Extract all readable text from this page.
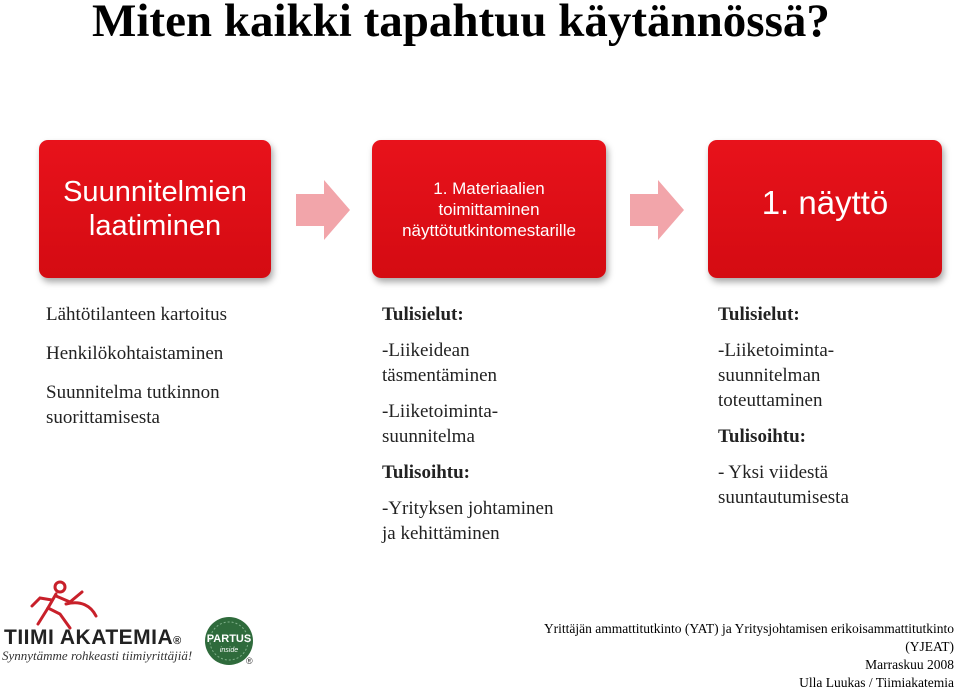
Miten kaikki tapahtuu käytännössä?
Suunnitelmien
laatiminen
1. Materiaalien
toimittaminen
näyttötutkintomestarille
1. näyttö

Lähtötilanteen kartoitus

Henkilökohtaistaminen

Suunnitelma tutkinnon
suorittamisesta

Tulisielut:

-Liikeidean
täsmentäminen

-Liiketoiminta-
suunnitelma

Tulisoihtu:

-Yrityksen johtaminen
ja kehittäminen

Tulisielut:

-Liiketoiminta-
suunnitelman
toteuttaminen

Tulisoihtu:

- Yksi viidestä
suuntautumisesta

TIIMI AKATEMIA®
Synnytämme rohkeasti tiimiyrittäjiä!
PARTUS
inside
®
Yrittäjän ammattitutkinto (YAT) ja Yritysjohtamisen erikoisammattitutkinto
(YJEAT)
Marraskuu 2008
Ulla Luukas / Tiimiakatemia
